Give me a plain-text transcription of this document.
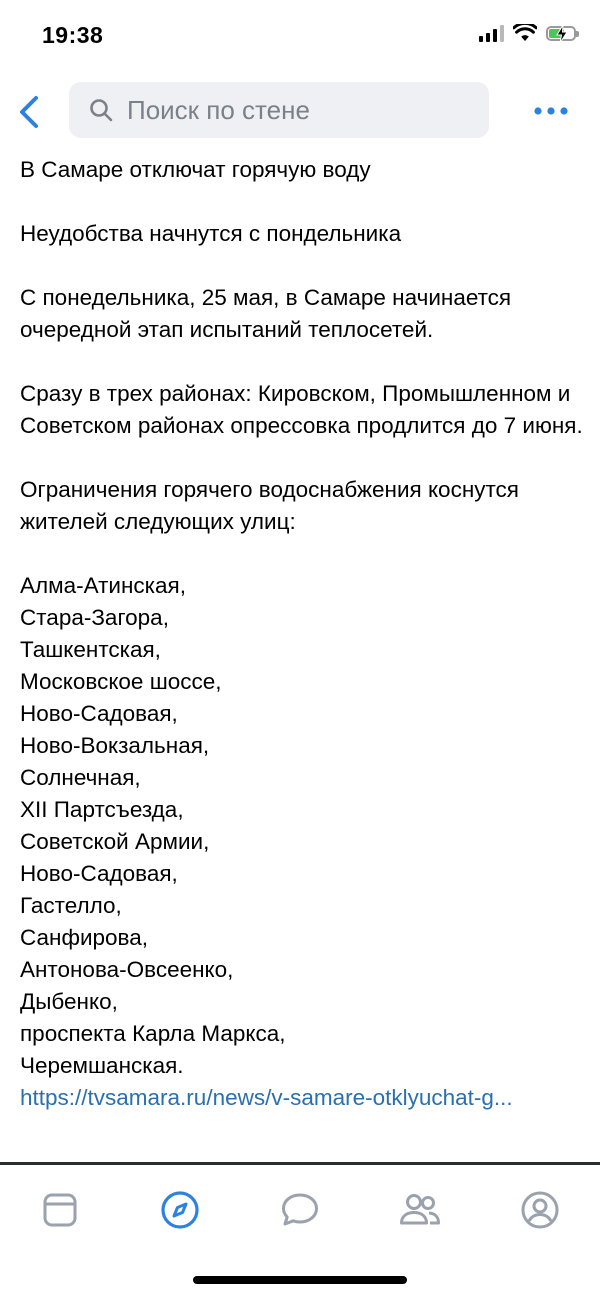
19:38
Поиск по стене

В Самаре отключат горячую воду

Неудобства начнутся с пондельника

С понедельника, 25 мая, в Самаре начинается очередной этап испытаний теплосетей.

Сразу в трех районах: Кировском, Промышленном и Советском районах опрессовка продлится до 7 июня.

Ограничения горячего водоснабжения коснутся жителей следующих улиц:

Алма-Атинская,
Стара-Загора,
Ташкентская,
Московское шоссе,
Ново-Садовая,
Ново-Вокзальная,
Солнечная,
XII Партсъезда,
Советской Армии,
Ново-Садовая,
Гастелло,
Санфирова,
Антонова-Овсеенко,
Дыбенко,
проспекта Карла Маркса,
Черемшанская.
https://tvsamara.ru/news/v-samare-otklyuchat-g...
